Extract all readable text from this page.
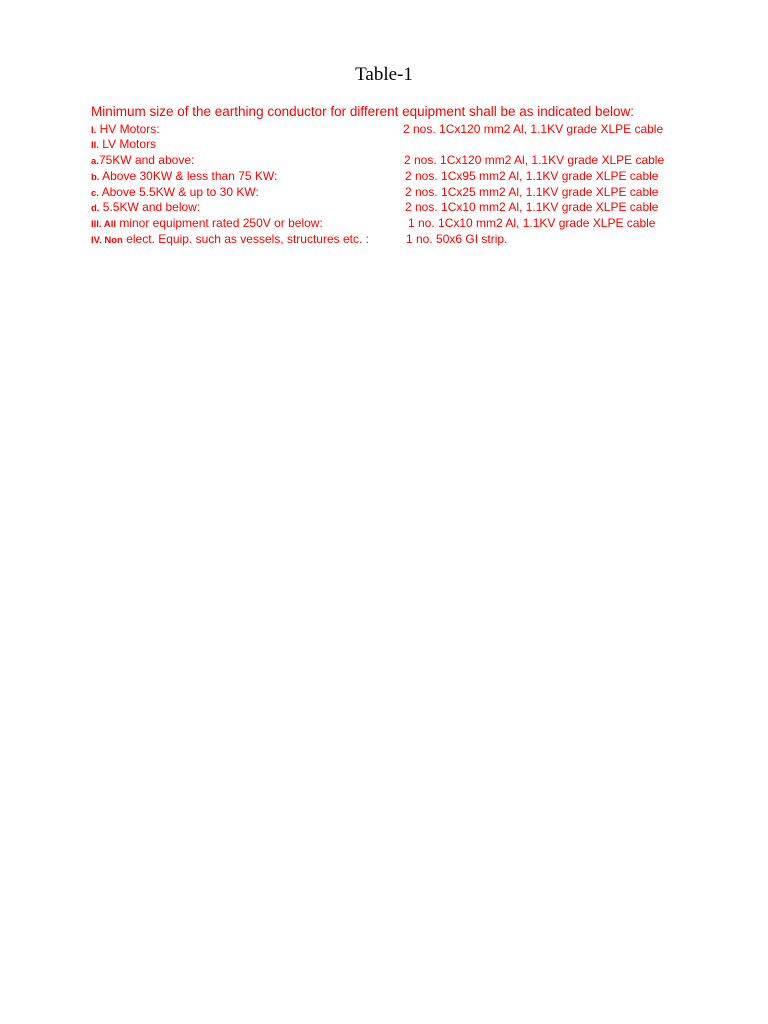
Table-1

Minimum size of the earthing conductor for different equipment shall be as indicated below:

I. HV Motors:	2 nos. 1Cx120 mm2 Al, 1.1KV grade XLPE cable
II. LV Motors
a.75KW and above:	2 nos. 1Cx120 mm2 Al, 1.1KV grade XLPE cable
b. Above 30KW & less than 75 KW:	2 nos. 1Cx95 mm2 Al, 1.1KV grade XLPE cable
c. Above 5.5KW & up to 30 KW:	2 nos. 1Cx25 mm2 Al, 1.1KV grade XLPE cable
d. 5.5KW and below:	2 nos. 1Cx10 mm2 Al, 1.1KV grade XLPE cable
III. All minor equipment rated 250V or below:	1 no. 1Cx10 mm2 Al, 1.1KV grade XLPE cable
IV. Non elect. Equip. such as vessels, structures etc. :	1 no. 50x6 GI strip.
